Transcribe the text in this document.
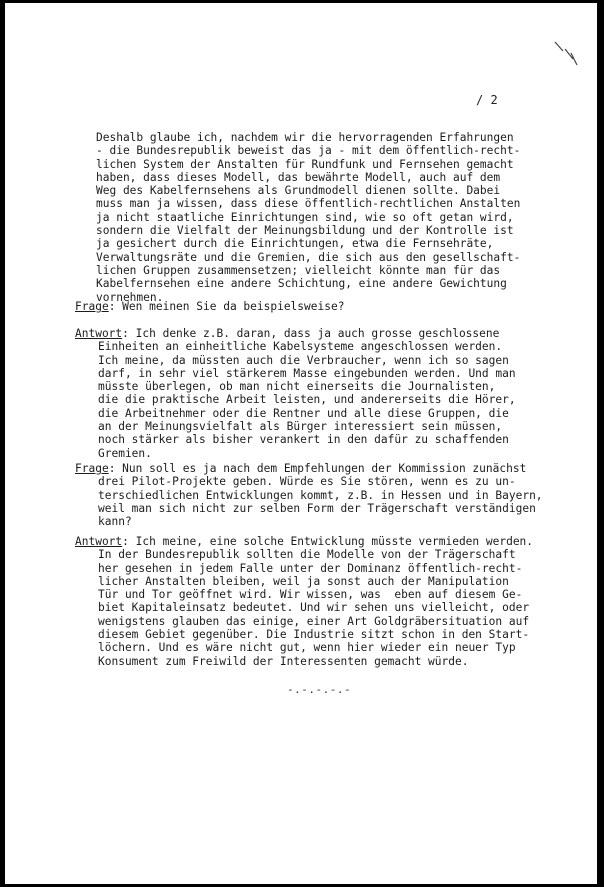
/ 2
Deshalb glaube ich, nachdem wir die hervorragenden Erfahrungen
- die Bundesrepublik beweist das ja - mit dem öffentlich-recht-
lichen System der Anstalten für Rundfunk und Fernsehen gemacht
haben, dass dieses Modell, das bewährte Modell, auch auf dem
Weg des Kabelfernsehens als Grundmodell dienen sollte. Dabei
muss man ja wissen, dass diese öffentlich-rechtlichen Anstalten
ja nicht staatliche Einrichtungen sind, wie so oft getan wird,
sondern die Vielfalt der Meinungsbildung und der Kontrolle ist
ja gesichert durch die Einrichtungen, etwa die Fernsehräte,
Verwaltungsräte und die Gremien, die sich aus den gesellschaft-
lichen Gruppen zusammensetzen; vielleicht könnte man für das
Kabelfernsehen eine andere Schichtung, eine andere Gewichtung
vornehmen.
Frage: Wen meinen Sie da beispielsweise?
Antwort: Ich denke z.B. daran, dass ja auch grosse geschlossene
Einheiten an einheitliche Kabelsysteme angeschlossen werden.
Ich meine, da müssten auch die Verbraucher, wenn ich so sagen
darf, in sehr viel stärkerem Masse eingebunden werden. Und man
müsste überlegen, ob man nicht einerseits die Journalisten,
die die praktische Arbeit leisten, und andererseits die Hörer,
die Arbeitnehmer oder die Rentner und alle diese Gruppen, die
an der Meinungsvielfalt als Bürger interessiert sein müssen,
noch stärker als bisher verankert in den dafür zu schaffenden
Gremien.
Frage: Nun soll es ja nach dem Empfehlungen der Kommission zunächst
drei Pilot-Projekte geben. Würde es Sie stören, wenn es zu un-
terschiedlichen Entwicklungen kommt, z.B. in Hessen und in Bayern,
weil man sich nicht zur selben Form der Trägerschaft verständigen
kann?
Antwort: Ich meine, eine solche Entwicklung müsste vermieden werden.
In der Bundesrepublik sollten die Modelle von der Trägerschaft
her gesehen in jedem Falle unter der Dominanz öffentlich-recht-
licher Anstalten bleiben, weil ja sonst auch der Manipulation
Tür und Tor geöffnet wird. Wir wissen, was  eben auf diesem Ge-
biet Kapitaleinsatz bedeutet. Und wir sehen uns vielleicht, oder
wenigstens glauben das einige, einer Art Goldgräbersituation auf
diesem Gebiet gegenüber. Die Industrie sitzt schon in den Start-
löchern. Und es wäre nicht gut, wenn hier wieder ein neuer Typ
Konsument zum Freiwild der Interessenten gemacht würde.
-.-.-.-.-
